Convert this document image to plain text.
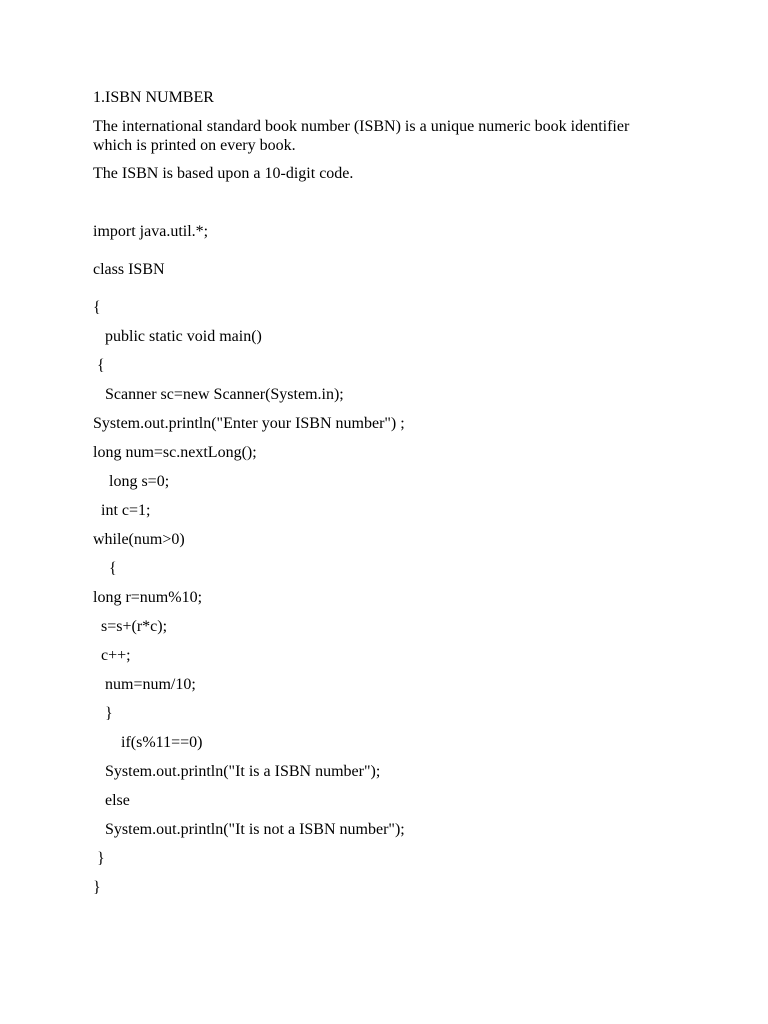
1.ISBN NUMBER

The international standard book number (ISBN) is a unique numeric book identifier which is printed on every book.

The ISBN is based upon a 10-digit code.

import java.util.*;

class ISBN

{

public static void main()

{

Scanner sc=new Scanner(System.in);

System.out.println("Enter your ISBN number") ;

long num=sc.nextLong();

long s=0;

int c=1;

while(num>0)

{

long r=num%10;

s=s+(r*c);

c++;

num=num/10;

}

if(s%11==0)

System.out.println("It is a ISBN number");

else

System.out.println("It is not a ISBN number");

}

}
